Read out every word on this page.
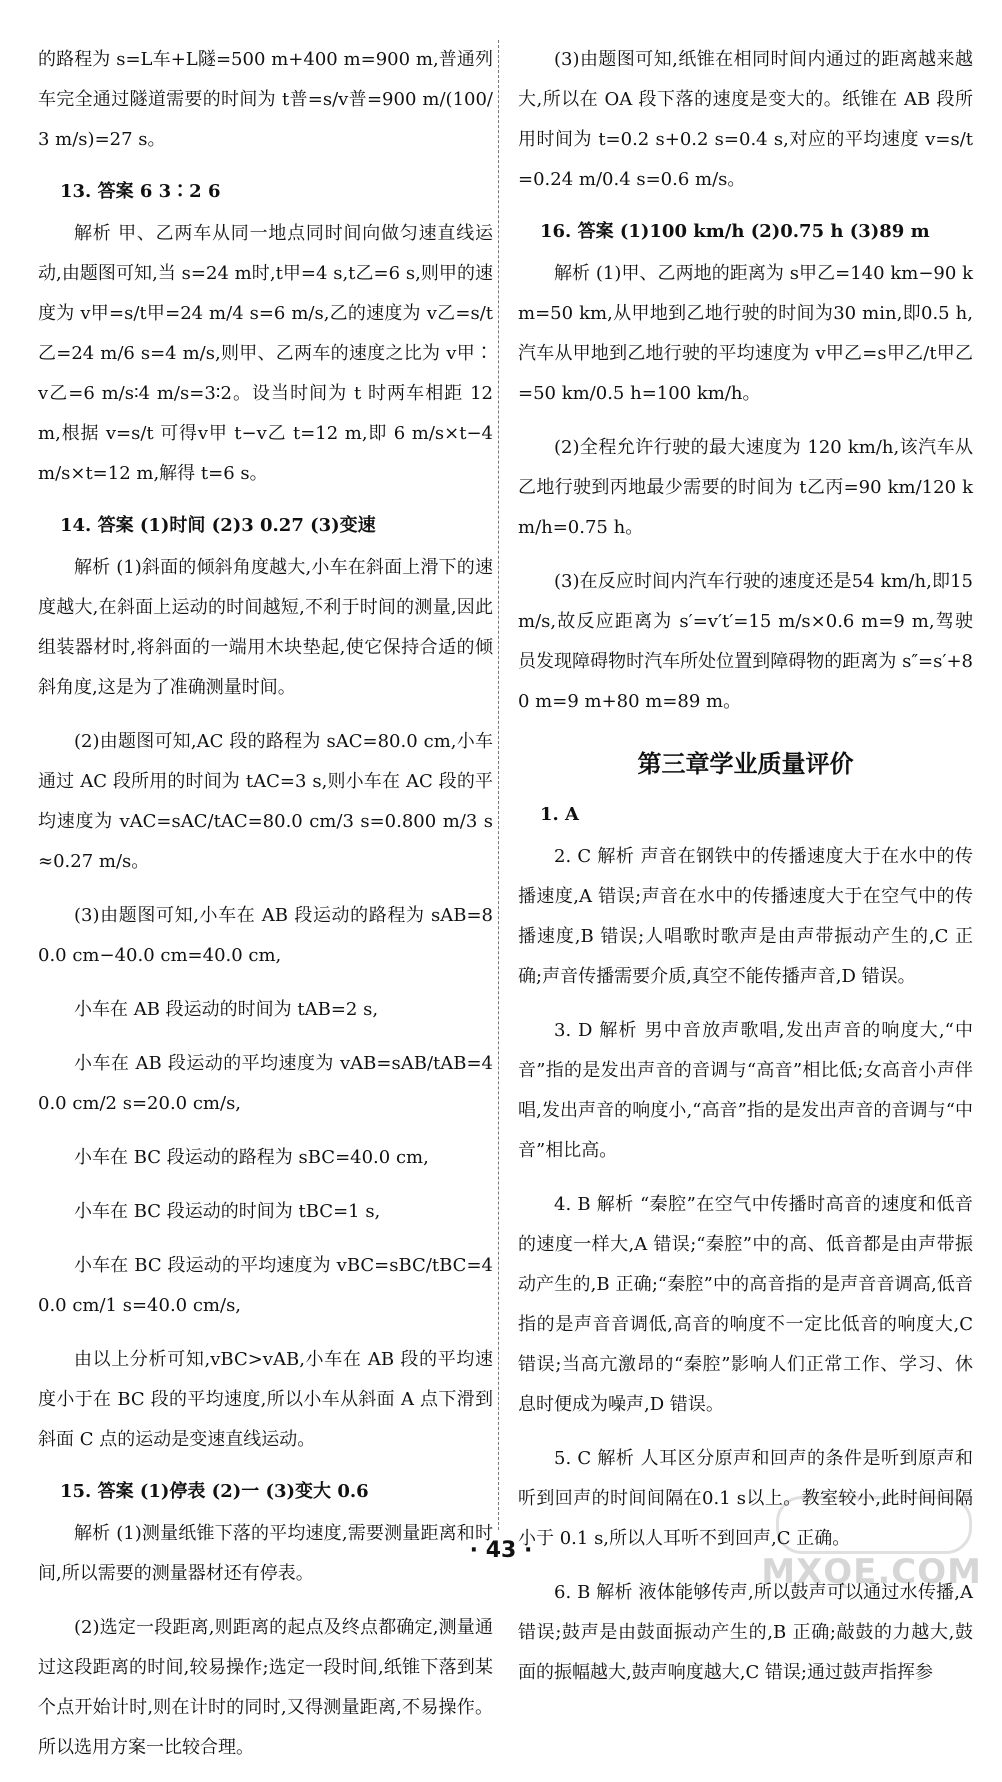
的路程为 s=L车+L隧=500 m+400 m=900 m,普通列车完全通过隧道需要的时间为 t普=s/v普=900 m/(100/3 m/s)=27 s。

13. 答案 6 3∶2 6

解析 甲、乙两车从同一地点同时间向做匀速直线运动,由题图可知,当 s=24 m时,t甲=4 s,t乙=6 s,则甲的速度为 v甲=s/t甲=24 m/4 s=6 m/s,乙的速度为 v乙=s/t乙=24 m/6 s=4 m/s,则甲、乙两车的速度之比为 v甲∶v乙=6 m/s∶4 m/s=3∶2。设当时间为 t 时两车相距 12 m,根据 v=s/t 可得v甲 t−v乙 t=12 m,即 6 m/s×t−4 m/s×t=12 m,解得 t=6 s。

14. 答案 (1)时间 (2)3 0.27 (3)变速

解析 (1)斜面的倾斜角度越大,小车在斜面上滑下的速度越大,在斜面上运动的时间越短,不利于时间的测量,因此组装器材时,将斜面的一端用木块垫起,使它保持合适的倾斜角度,这是为了准确测量时间。

(2)由题图可知,AC 段的路程为 sAC=80.0 cm,小车通过 AC 段所用的时间为 tAC=3 s,则小车在 AC 段的平均速度为 vAC=sAC/tAC=80.0 cm/3 s=0.800 m/3 s≈0.27 m/s。

(3)由题图可知,小车在 AB 段运动的路程为 sAB=80.0 cm−40.0 cm=40.0 cm,

小车在 AB 段运动的时间为 tAB=2 s,

小车在 AB 段运动的平均速度为 vAB=sAB/tAB=40.0 cm/2 s=20.0 cm/s,

小车在 BC 段运动的路程为 sBC=40.0 cm,

小车在 BC 段运动的时间为 tBC=1 s,

小车在 BC 段运动的平均速度为 vBC=sBC/tBC=40.0 cm/1 s=40.0 cm/s,

由以上分析可知,vBC>vAB,小车在 AB 段的平均速度小于在 BC 段的平均速度,所以小车从斜面 A 点下滑到斜面 C 点的运动是变速直线运动。

15. 答案 (1)停表 (2)一 (3)变大 0.6

解析 (1)测量纸锥下落的平均速度,需要测量距离和时间,所以需要的测量器材还有停表。

(2)选定一段距离,则距离的起点及终点都确定,测量通过这段距离的时间,较易操作;选定一段时间,纸锥下落到某个点开始计时,则在计时的同时,又得测量距离,不易操作。所以选用方案一比较合理。

(3)由题图可知,纸锥在相同时间内通过的距离越来越大,所以在 OA 段下落的速度是变大的。纸锥在 AB 段所用时间为 t=0.2 s+0.2 s=0.4 s,对应的平均速度 v=s/t=0.24 m/0.4 s=0.6 m/s。

16. 答案 (1)100 km/h (2)0.75 h (3)89 m

解析 (1)甲、乙两地的距离为 s甲乙=140 km−90 km=50 km,从甲地到乙地行驶的时间为30 min,即0.5 h,汽车从甲地到乙地行驶的平均速度为 v甲乙=s甲乙/t甲乙=50 km/0.5 h=100 km/h。

(2)全程允许行驶的最大速度为 120 km/h,该汽车从乙地行驶到丙地最少需要的时间为 t乙丙=90 km/120 km/h=0.75 h。

(3)在反应时间内汽车行驶的速度还是54 km/h,即15 m/s,故反应距离为 s′=v′t′=15 m/s×0.6 m=9 m,驾驶员发现障碍物时汽车所处位置到障碍物的距离为 s″=s′+80 m=9 m+80 m=89 m。

第三章学业质量评价

1. A

2. C 解析 声音在钢铁中的传播速度大于在水中的传播速度,A 错误;声音在水中的传播速度大于在空气中的传播速度,B 错误;人唱歌时歌声是由声带振动产生的,C 正确;声音传播需要介质,真空不能传播声音,D 错误。

3. D 解析 男中音放声歌唱,发出声音的响度大,“中音”指的是发出声音的音调与“高音”相比低;女高音小声伴唱,发出声音的响度小,“高音”指的是发出声音的音调与“中音”相比高。

4. B 解析 “秦腔”在空气中传播时高音的速度和低音的速度一样大,A 错误;“秦腔”中的高、低音都是由声带振动产生的,B 正确;“秦腔”中的高音指的是声音音调高,低音指的是声音音调低,高音的响度不一定比低音的响度大,C 错误;当高亢激昂的“秦腔”影响人们正常工作、学习、休息时便成为噪声,D 错误。

5. C 解析 人耳区分原声和回声的条件是听到原声和听到回声的时间间隔在0.1 s以上。教室较小,此时间间隔小于 0.1 s,所以人耳听不到回声,C 正确。

6. B 解析 液体能够传声,所以鼓声可以通过水传播,A 错误;鼓声是由鼓面振动产生的,B 正确;敲鼓的力越大,鼓面的振幅越大,鼓声响度越大,C 错误;通过鼓声指挥参

· 43 ·
MXQE.COM
